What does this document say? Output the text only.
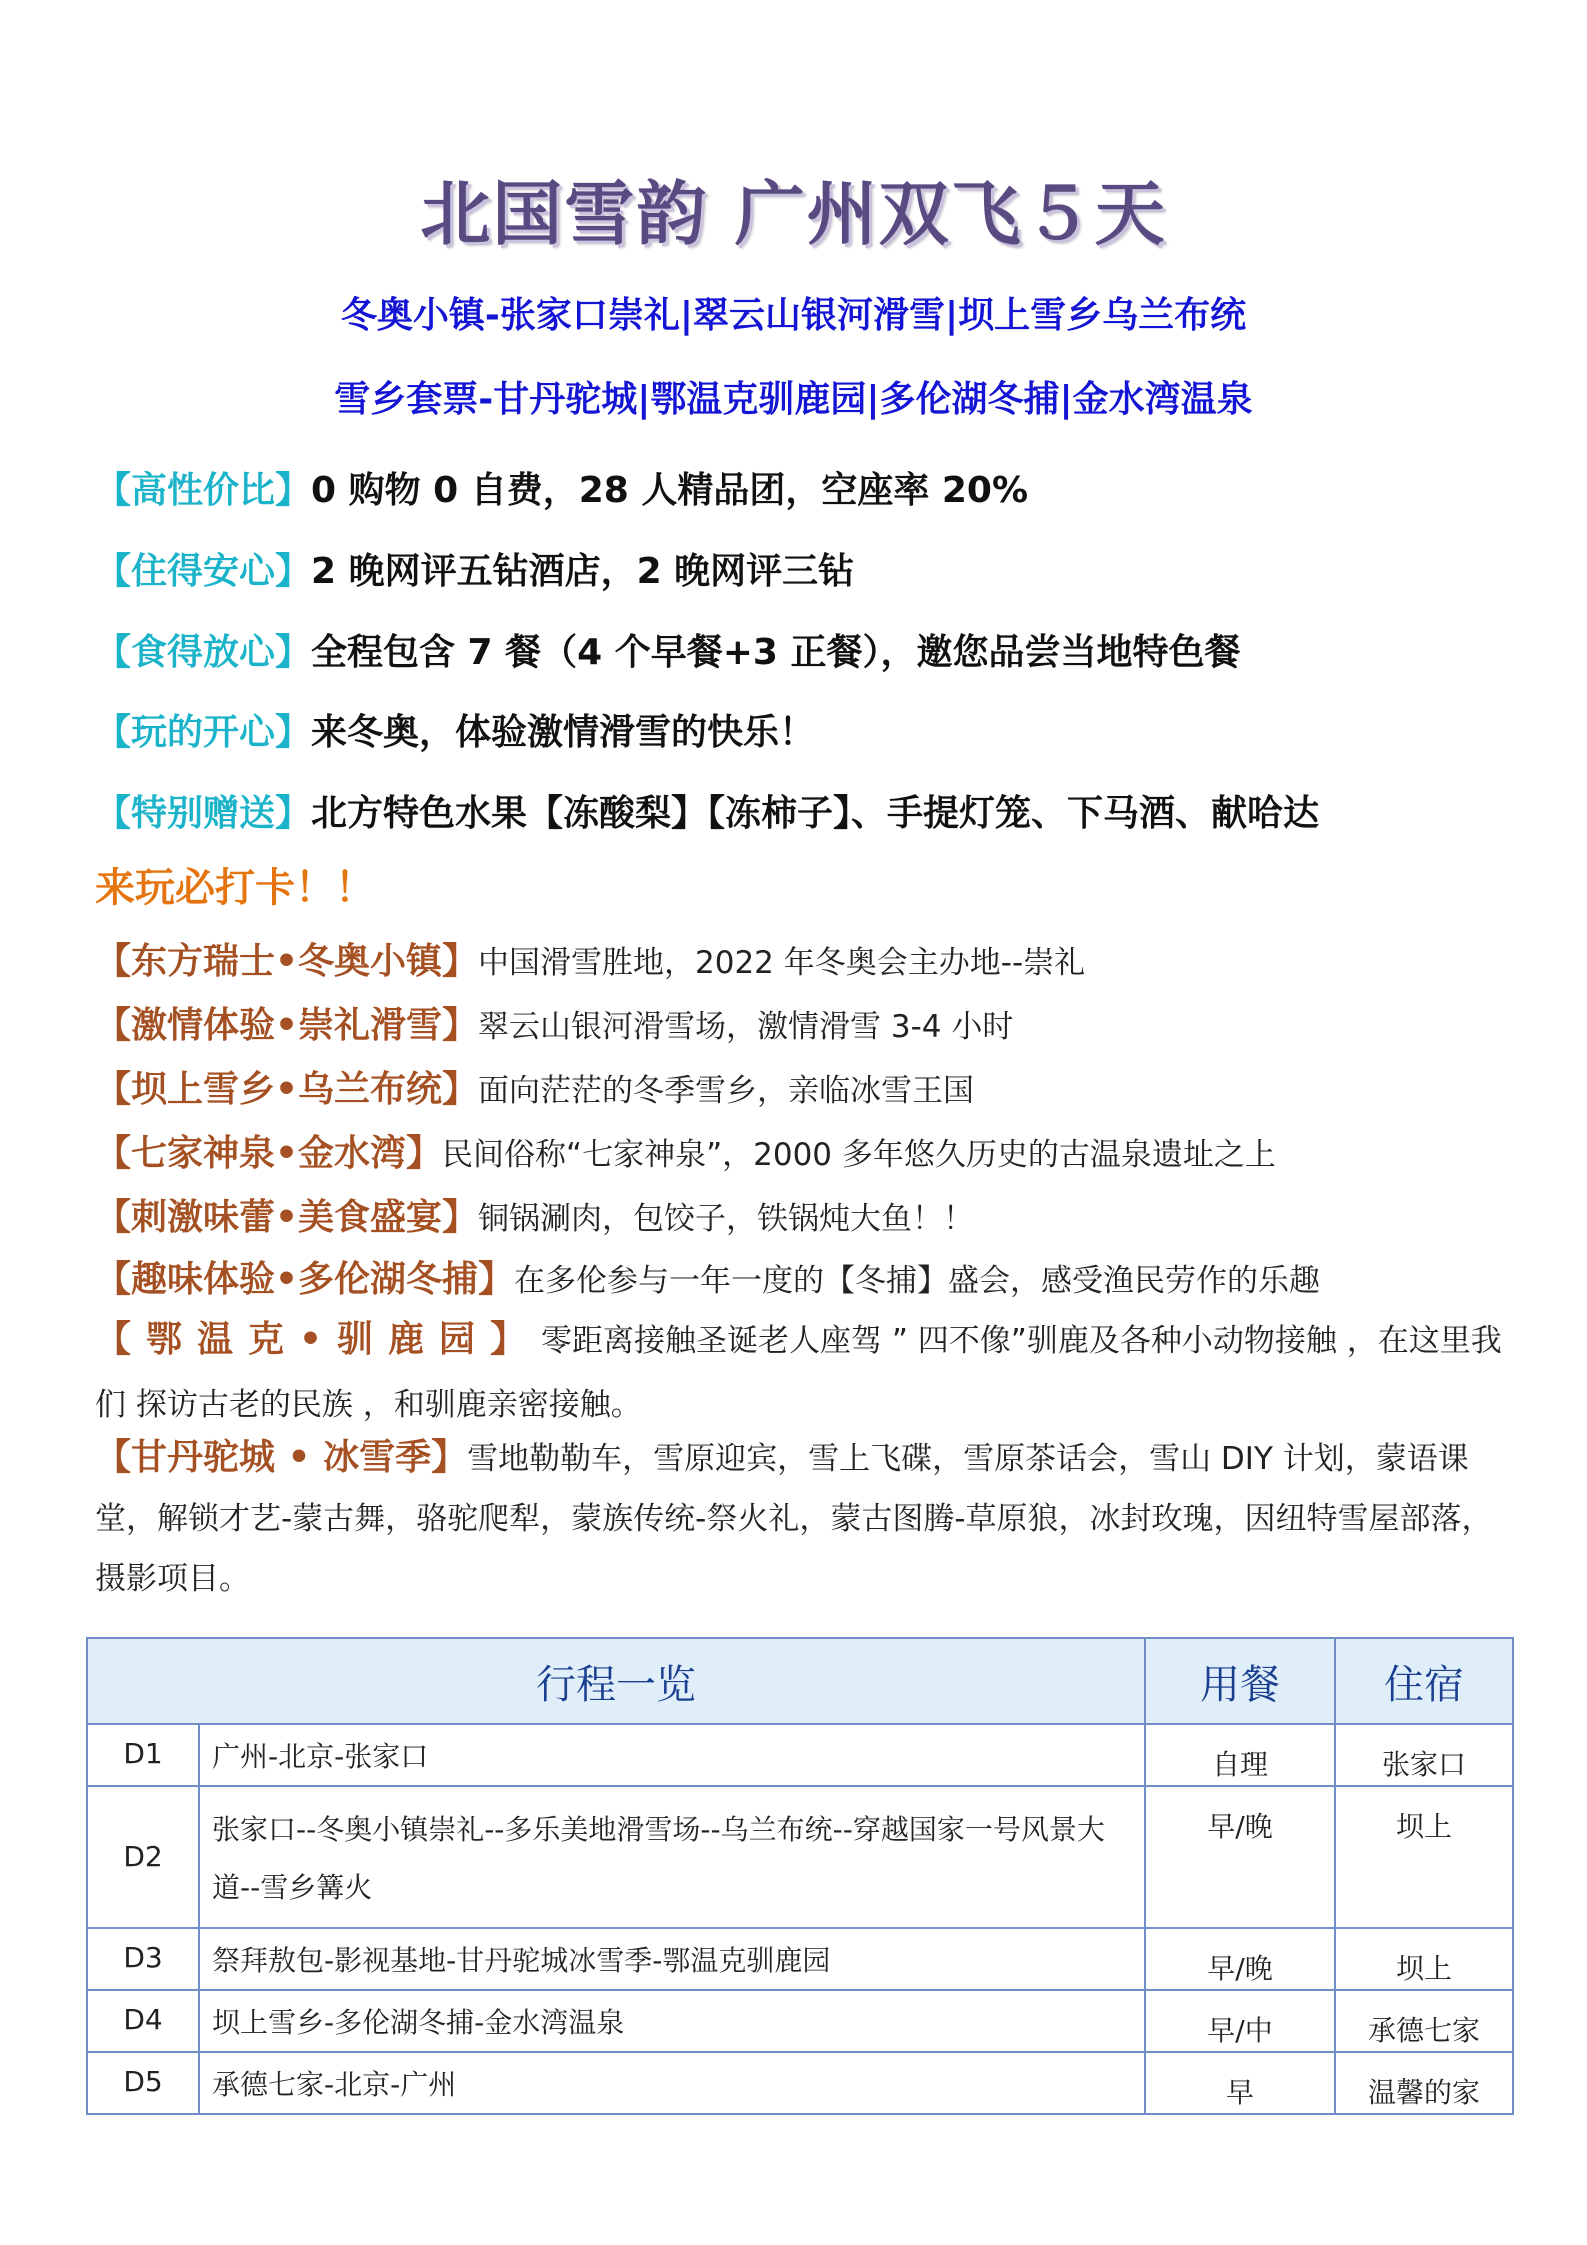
北国雪韵 广州双飞５天
冬奥小镇-张家口崇礼|翠云山银河滑雪|坝上雪乡乌兰布统
雪乡套票-甘丹驼城|鄂温克驯鹿园|多伦湖冬捕|金水湾温泉
【高性价比】0 购物 0 自费，28 人精品团，空座率 20%
【住得安心】2 晚网评五钻酒店，2 晚网评三钻
【食得放心】全程包含 7 餐（4 个早餐+3 正餐），邀您品尝当地特色餐
【玩的开心】来冬奥，体验激情滑雪的快乐！
【特别赠送】北方特色水果【冻酸梨】【冻柿子】、手提灯笼、下马酒、献哈达
来玩必打卡！！
【东方瑞士•冬奥小镇】中国滑雪胜地，2022 年冬奥会主办地--崇礼
【激情体验•崇礼滑雪】翠云山银河滑雪场，激情滑雪 3-4 小时
【坝上雪乡•乌兰布统】面向茫茫的冬季雪乡，亲临冰雪王国
【七家神泉•金水湾】民间俗称“七家神泉”，2000 多年悠久历史的古温泉遗址之上
【刺激味蕾•美食盛宴】铜锅涮肉，包饺子，铁锅炖大鱼！！
【趣味体验•多伦湖冬捕】在多伦参与一年一度的【冬捕】盛会，感受渔民劳作的乐趣
【鄂温克•驯鹿园】零距离接触圣诞老人座驾 ” 四不像”驯鹿及各种小动物接触 ，在这里我们 探访古老的民族 ，和驯鹿亲密接触。
【甘丹驼城 • 冰雪季】雪地勒勒车，雪原迎宾，雪上飞碟，雪原茶话会，雪山 DIY 计划，蒙语课堂，解锁才艺-蒙古舞，骆驼爬犁，蒙族传统-祭火礼，蒙古图腾-草原狼，冰封玫瑰，因纽特雪屋部落，摄影项目。
行程一览		用餐	住宿
D1	广州-北京-张家口	自理	张家口
D2	张家口--冬奥小镇崇礼--多乐美地滑雪场--乌兰布统--穿越国家一号风景大道--雪乡篝火	早/晚	坝上
D3	祭拜敖包-影视基地-甘丹驼城冰雪季-鄂温克驯鹿园	早/晚	坝上
D4	坝上雪乡-多伦湖冬捕-金水湾温泉	早/中	承德七家
D5	承德七家-北京-广州	早	温馨的家
